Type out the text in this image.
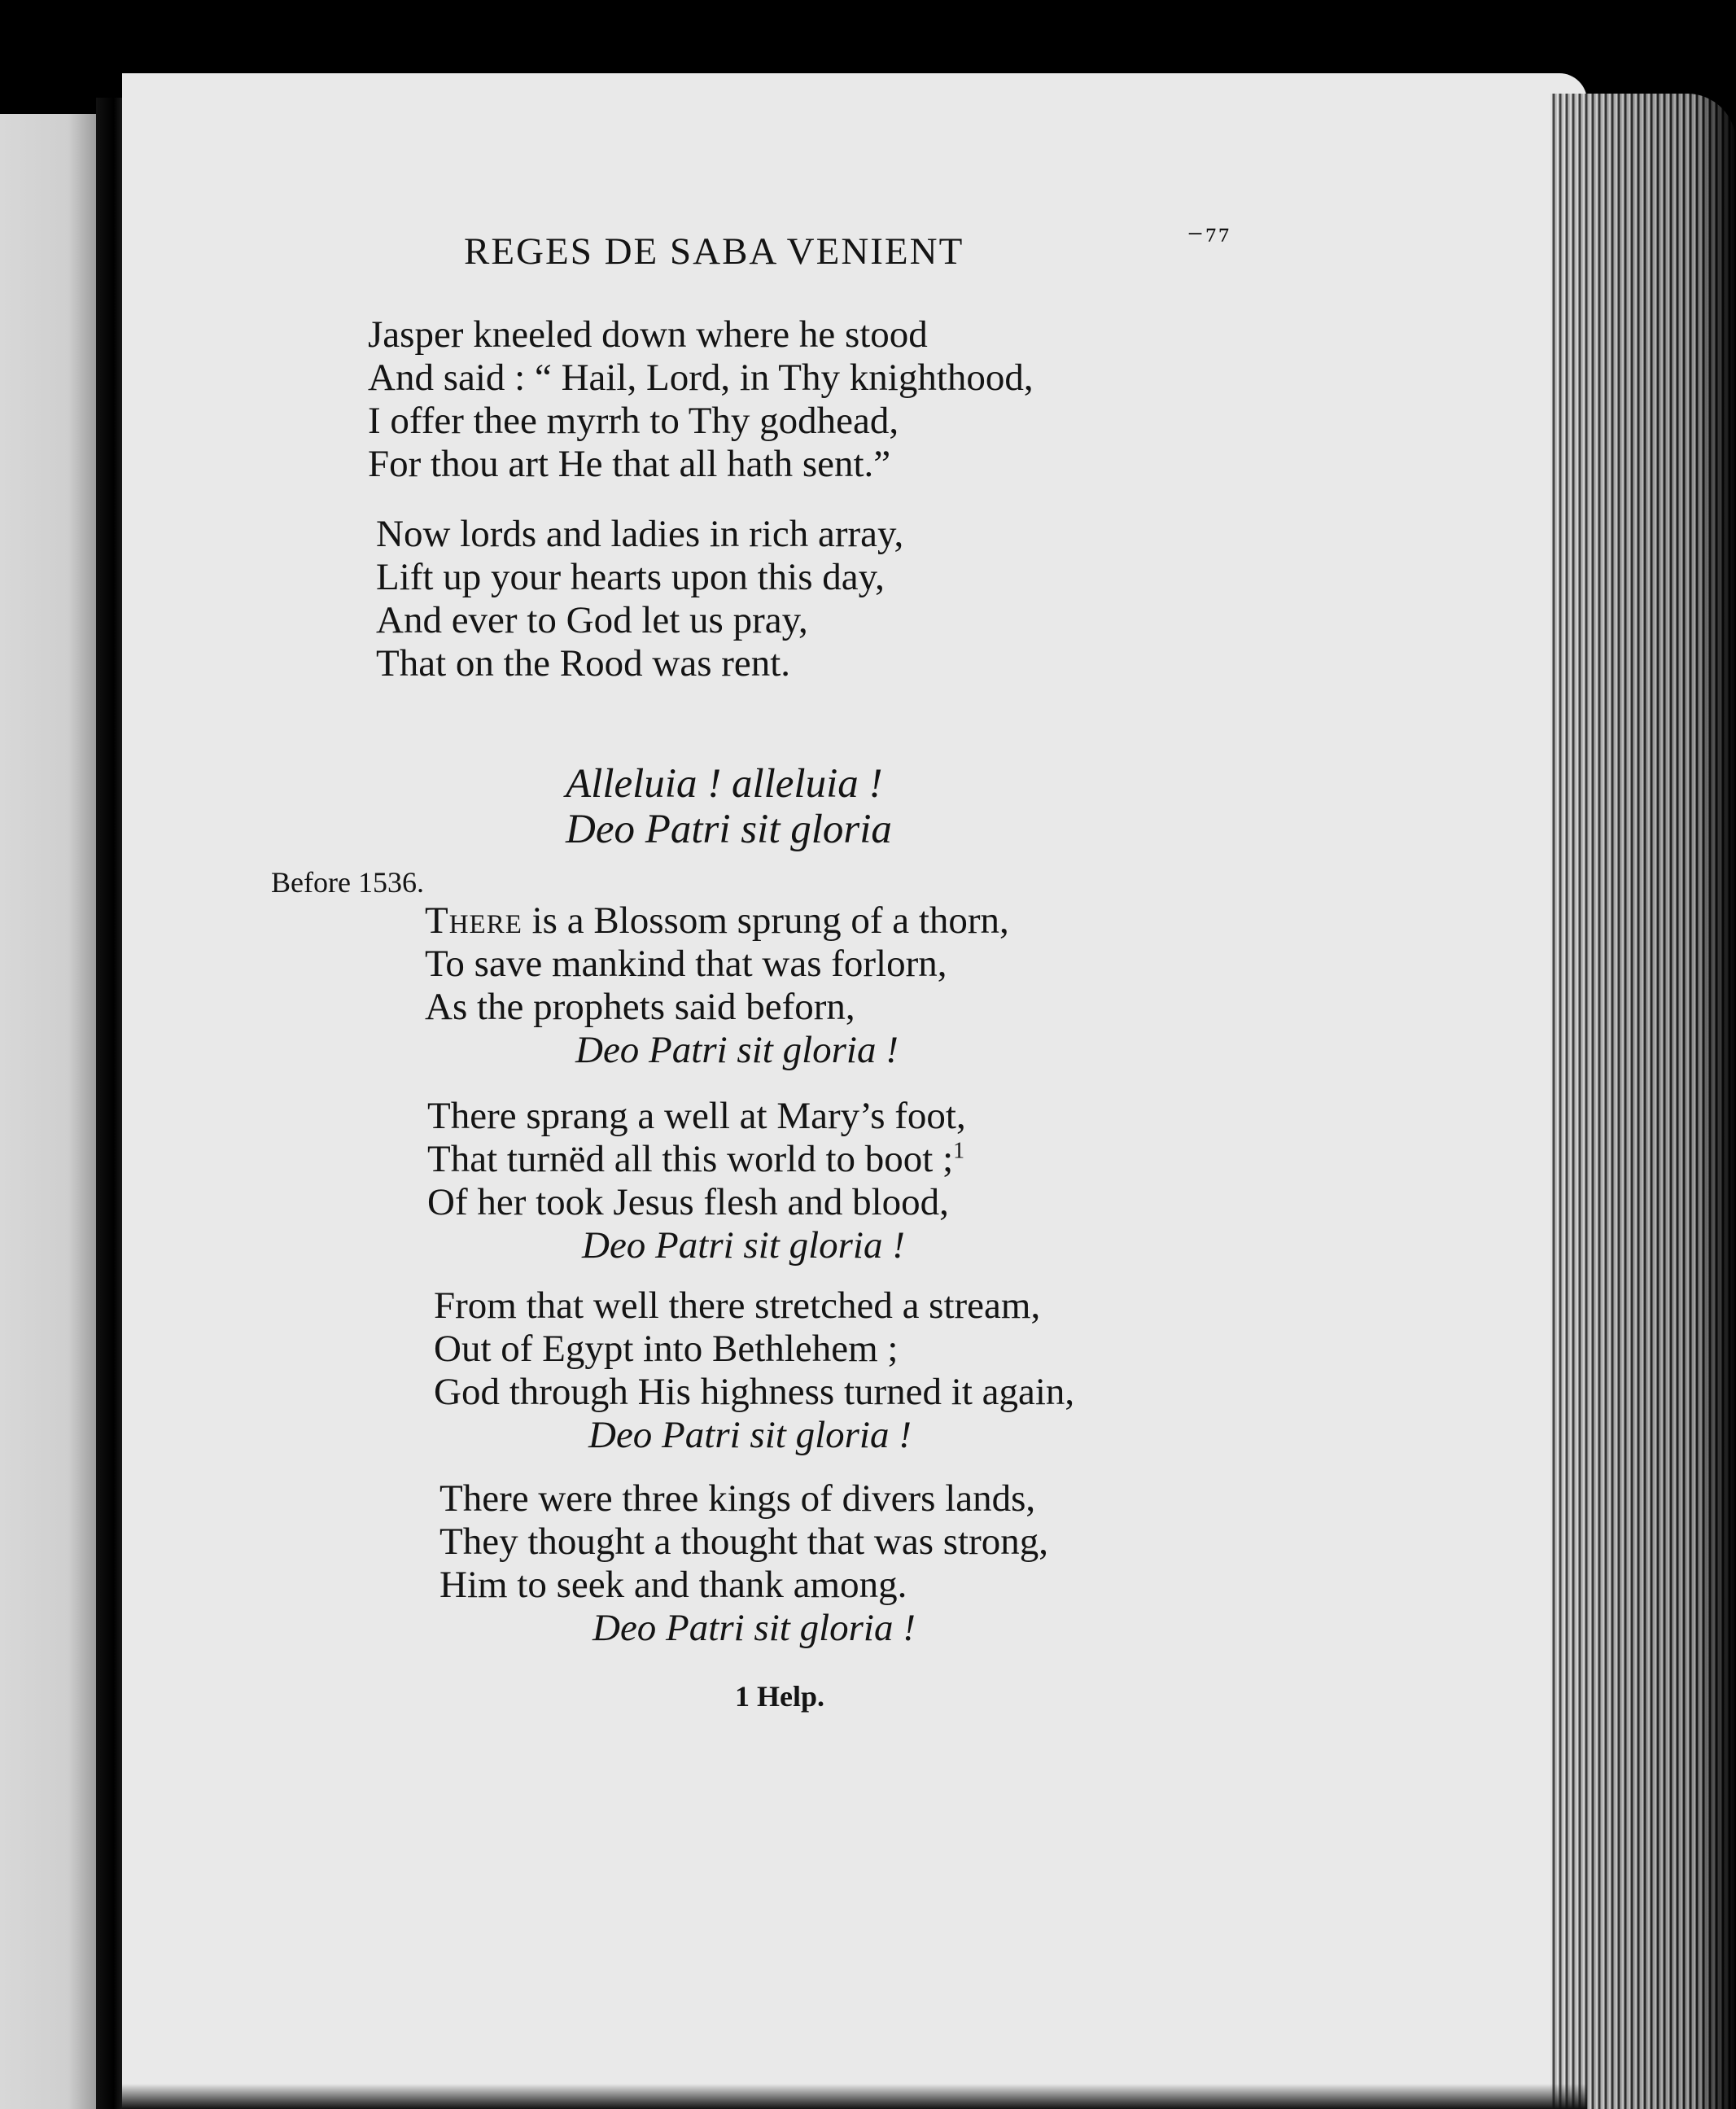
REGES DE SABA VENIENT	⁻⁷⁷
Jasper kneeled down where he stood
And said : “ Hail, Lord, in Thy knighthood,
I offer thee myrrh to Thy godhead,
For thou art He that all hath sent.”
Now lords and ladies in rich array,
Lift up your hearts upon this day,
And ever to God let us pray,
That on the Rood was rent.
Alleluia ! alleluia !
Deo Patri sit gloria
Before 1536.
There is a Blossom sprung of a thorn,
To save mankind that was forlorn,
As the prophets said beforn,
Deo Patri sit gloria !
There sprang a well at Mary’s foot,
That turnëd all this world to boot ;$^1$
Of her took Jesus flesh and blood,
Deo Patri sit gloria !
From that well there stretched a stream,
Out of Egypt into Bethlehem ;
God through His highness turned it again,
Deo Patri sit gloria !
There were three kings of divers lands,
They thought a thought that was strong,
Him to seek and thank among.
Deo Patri sit gloria !
1 Help.
